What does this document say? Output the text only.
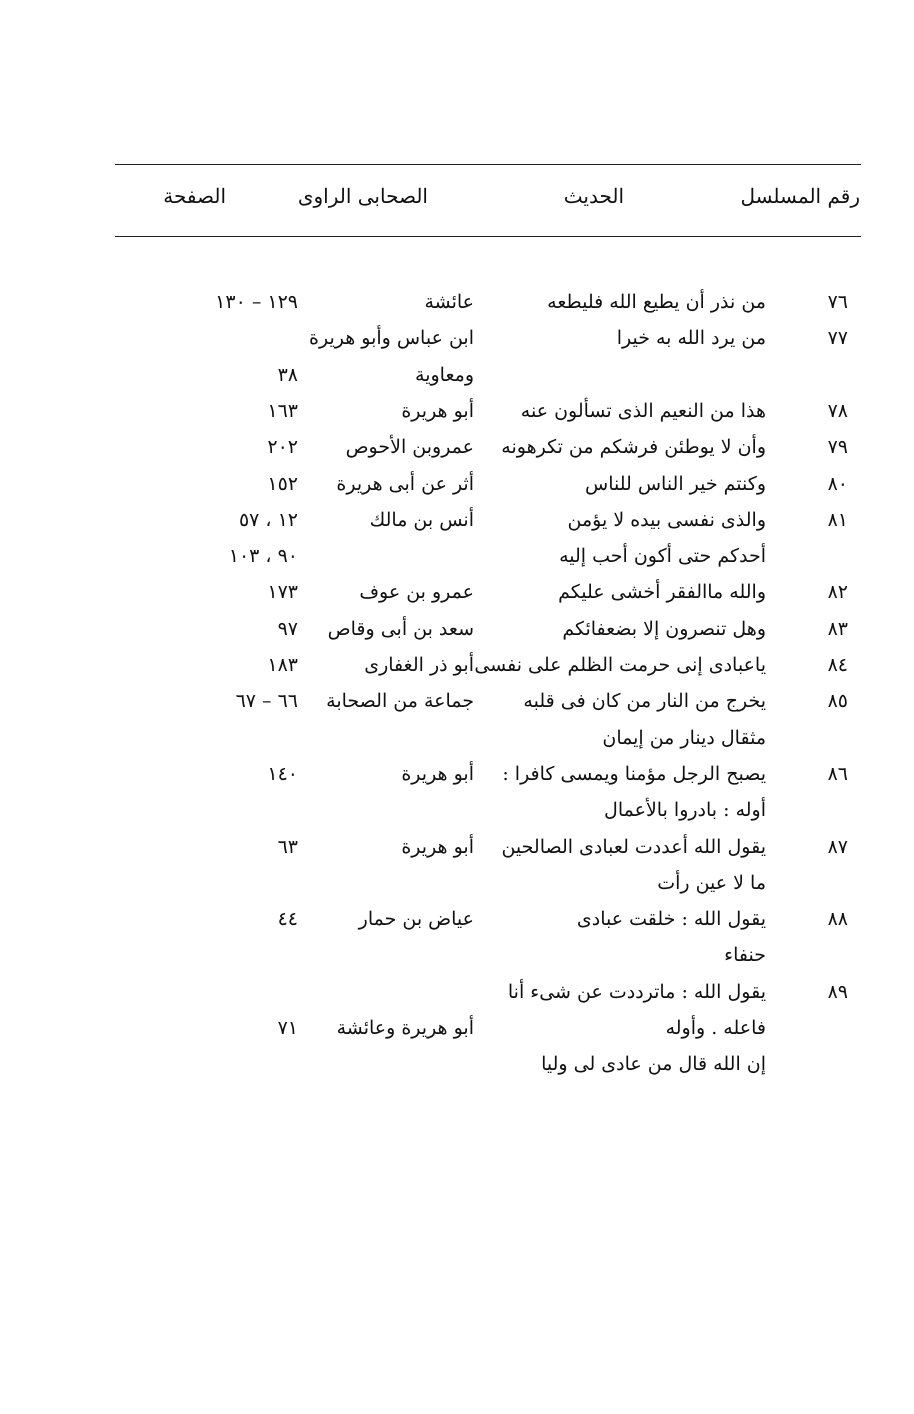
رقم المسلسل
الحديث
الصحابى الراوى
الصفحة
٧٦
من نذر أن يطيع الله فليطعه
عائشة
١٢٩ – ١٣٠
٧٧
من يرد الله به خيرا
ابن عباس وأبو هريرة
ومعاوية
٣٨
٧٨
هذا من النعيم الذى تسألون عنه
أبو هريرة
١٦٣
٧٩
وأن لا يوطئن فرشكم من تكرهونه
عمروبن الأحوص
٢٠٢
٨٠
وكنتم خير الناس للناس
أثر عن أبى هريرة
١٥٢
٨١
والذى نفسى بيده لا يؤمن
أنس بن مالك
١٢ ، ٥٧
أحدكم حتى أكون أحب إليه
٩٠ ، ١٠٣
٨٢
والله ماالفقر أخشى عليكم
عمرو بن عوف
١٧٣
٨٣
وهل تنصرون إلا بضعفائكم
سعد بن أبى وقاص
٩٧
٨٤
ياعبادى إنى حرمت الظلم على نفسى
أبو ذر الغفارى
١٨٣
٨٥
يخرج من النار من كان فى قلبه
جماعة من الصحابة
٦٦ – ٦٧
مثقال دينار من إيمان
٨٦
يصبح الرجل مؤمنا ويمسى كافرا :
أبو هريرة
١٤٠
أوله : بادروا بالأعمال
٨٧
يقول الله أعددت لعبادى الصالحين
أبو هريرة
٦٣
ما لا عين رأت
٨٨
يقول الله : خلقت عبادى
عياض بن حمار
٤٤
حنفاء
٨٩
يقول الله : ماترددت عن شىء أنا
فاعله . وأوله
أبو هريرة وعائشة
٧١
إن الله قال من عادى لى وليا
